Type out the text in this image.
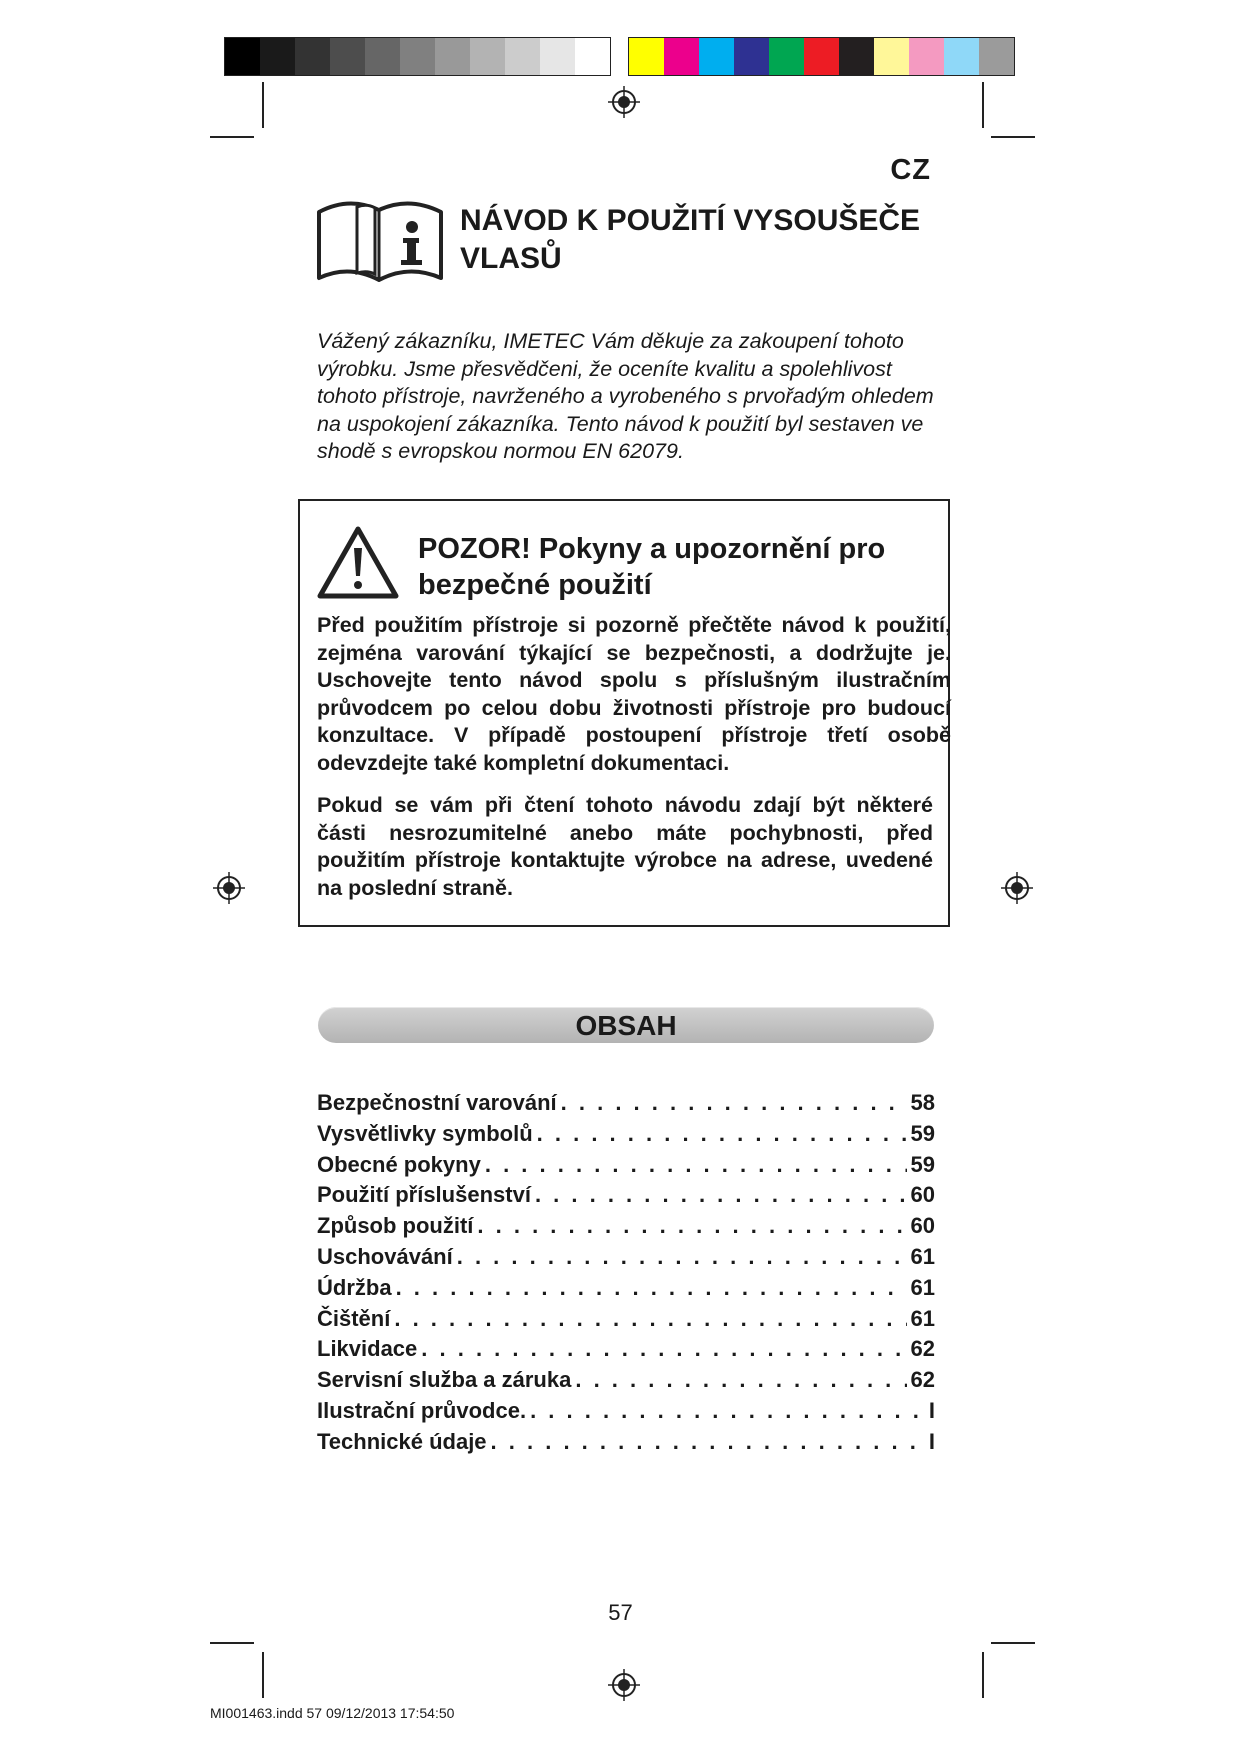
CZ
NÁVOD K POUŽITÍ VYSOUŠEČE VLASŮ
Vážený zákazníku, IMETEC Vám děkuje za zakoupení tohoto výrobku. Jsme přesvědčeni, že oceníte kvalitu a spolehlivost tohoto přístroje, navrženého a vyrobeného s prvořadým ohledem na uspokojení zákazníka. Tento návod k použití byl sestaven ve shodě s evropskou normou EN 62079.
POZOR! Pokyny a upozornění pro bezpečné použití
Před použitím přístroje si pozorně přečtěte návod k použití, zejména varování týkající se bezpečnosti, a dodržujte je. Uschovejte tento návod spolu s příslušným ilustračním průvodcem po celou dobu životnosti přístroje pro budoucí konzultace. V případě postoupení přístroje třetí osobě odevzdejte také kompletní dokumentaci.
Pokud se vám při čtení tohoto návodu zdají být některé části nesrozumitelné anebo máte pochybnosti, před použitím přístroje kontaktujte výrobce na adrese, uvedené na poslední straně.
OBSAH
Bezpečnostní varování . . .	58
Vysvětlivky symbolů . . .	59
Obecné pokyny . . .	59
Použití příslušenství . . .	60
Způsob použití . . .	60
Uschovávání . . .	61
Údržba . . .	61
Čištění . . .	61
Likvidace . . .	62
Servisní služba a záruka . . .	62
Ilustrační průvodce. . . .	I
Technické údaje . . .	I
57
MI001463.indd 57 09/12/2013 17:54:50
